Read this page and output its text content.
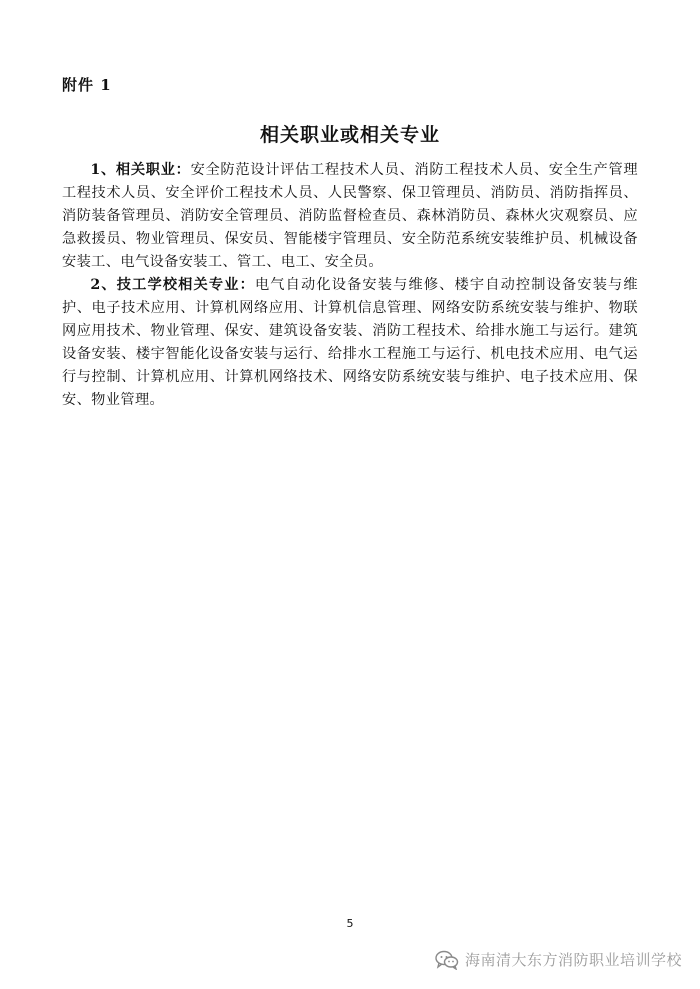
附件 1
相关职业或相关专业

1、相关职业：安全防范设计评估工程技术人员、消防工程技术人员、安全生产管理工程技术人员、安全评价工程技术人员、人民警察、保卫管理员、消防员、消防指挥员、消防装备管理员、消防安全管理员、消防监督检查员、森林消防员、森林火灾观察员、应急救援员、物业管理员、保安员、智能楼宇管理员、安全防范系统安装维护员、机械设备安装工、电气设备安装工、管工、电工、安全员。

2、技工学校相关专业：电气自动化设备安装与维修、楼宇自动控制设备安装与维护、电子技术应用、计算机网络应用、计算机信息管理、网络安防系统安装与维护、物联网应用技术、物业管理、保安、建筑设备安装、消防工程技术、给排水施工与运行。建筑设备安装、楼宇智能化设备安装与运行、给排水工程施工与运行、机电技术应用、电气运行与控制、计算机应用、计算机网络技术、网络安防系统安装与维护、电子技术应用、保安、物业管理。

5
海南清大东方消防职业培训学校
